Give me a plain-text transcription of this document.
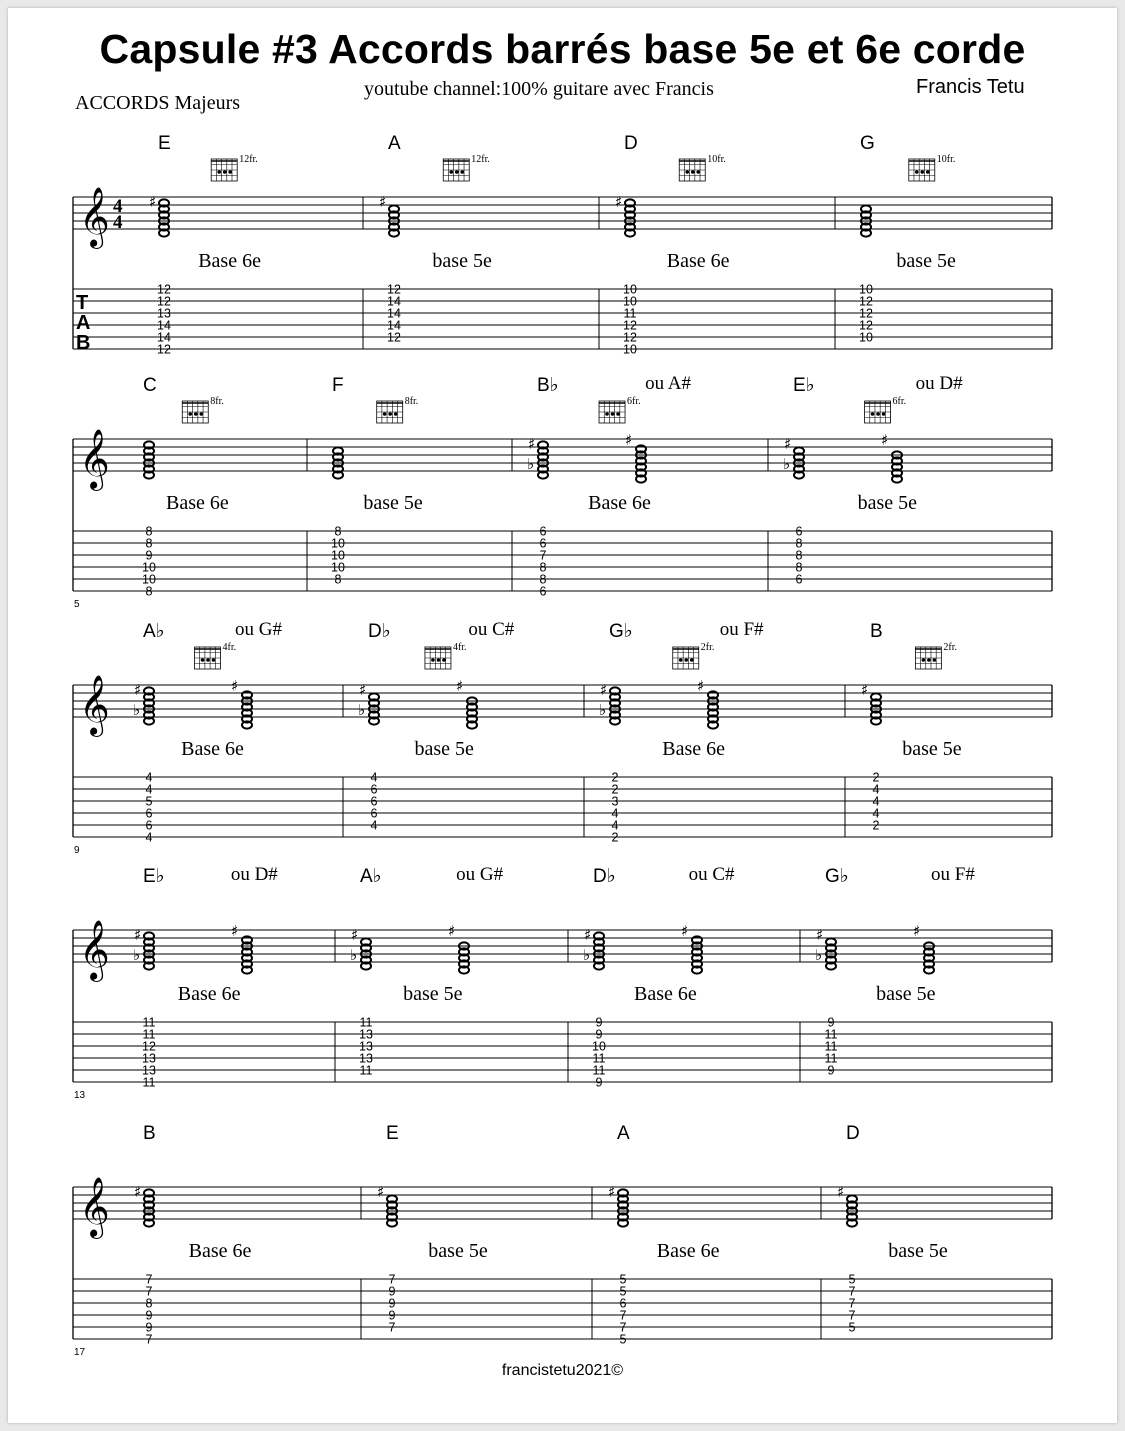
Capsule #3 Accords barrés base 5e et 6e corde
youtube channel:100% guitare avec Francis	Francis Tetu
ACCORDS Majeurs
𝄞 4
4
T
A
B
E
Base 6e
12fr.
♯
12
12
13
14
14
12
A
base 5e
12fr.
♯
12
14
14
14
12
D
Base 6e
10fr.
♯
10
10
11
12
12
10
G
base 5e
10fr.
10
12
12
12
10
𝄞
5
C
Base 6e
8fr.
8
8
9
10
10
8
F
base 5e
8fr.
8
10
10
10
8
B♭	ou A#
Base 6e
6fr.
♯	♯
♭
6
6
7
8
8
6
E♭	ou D#
base 5e
6fr.
♯	♯
♭
6
8
8
8
6
𝄞
9
A♭	ou G#
Base 6e
4fr.
♯	♯
♭
4
4
5
6
6
4
D♭	ou C#
base 5e
4fr.
♯	♯
♭
4
6
6
6
4
G♭	ou F#
Base 6e
2fr.
♯	♯
♭
2
2
3
4
4
2
B
base 5e
2fr.
♯
2
4
4
4
2
𝄞
13
E♭	ou D#
Base 6e
♯	♯
♭
11
11
12
13
13
11
A♭	ou G#
base 5e
♯	♯
♭
11
13
13
13
11
D♭	ou C#
Base 6e
♯	♯
♭
9
9
10
11
11
9
G♭	ou F#
base 5e
♯	♯
♭
9
11
11
11
9
𝄞
17
B
Base 6e
♯
7
7
8
9
9
7
E
base 5e
♯
7
9
9
9
7
A
Base 6e
♯
5
5
6
7
7
5
D
base 5e
♯
5
7
7
7
5
francistetu2021©
